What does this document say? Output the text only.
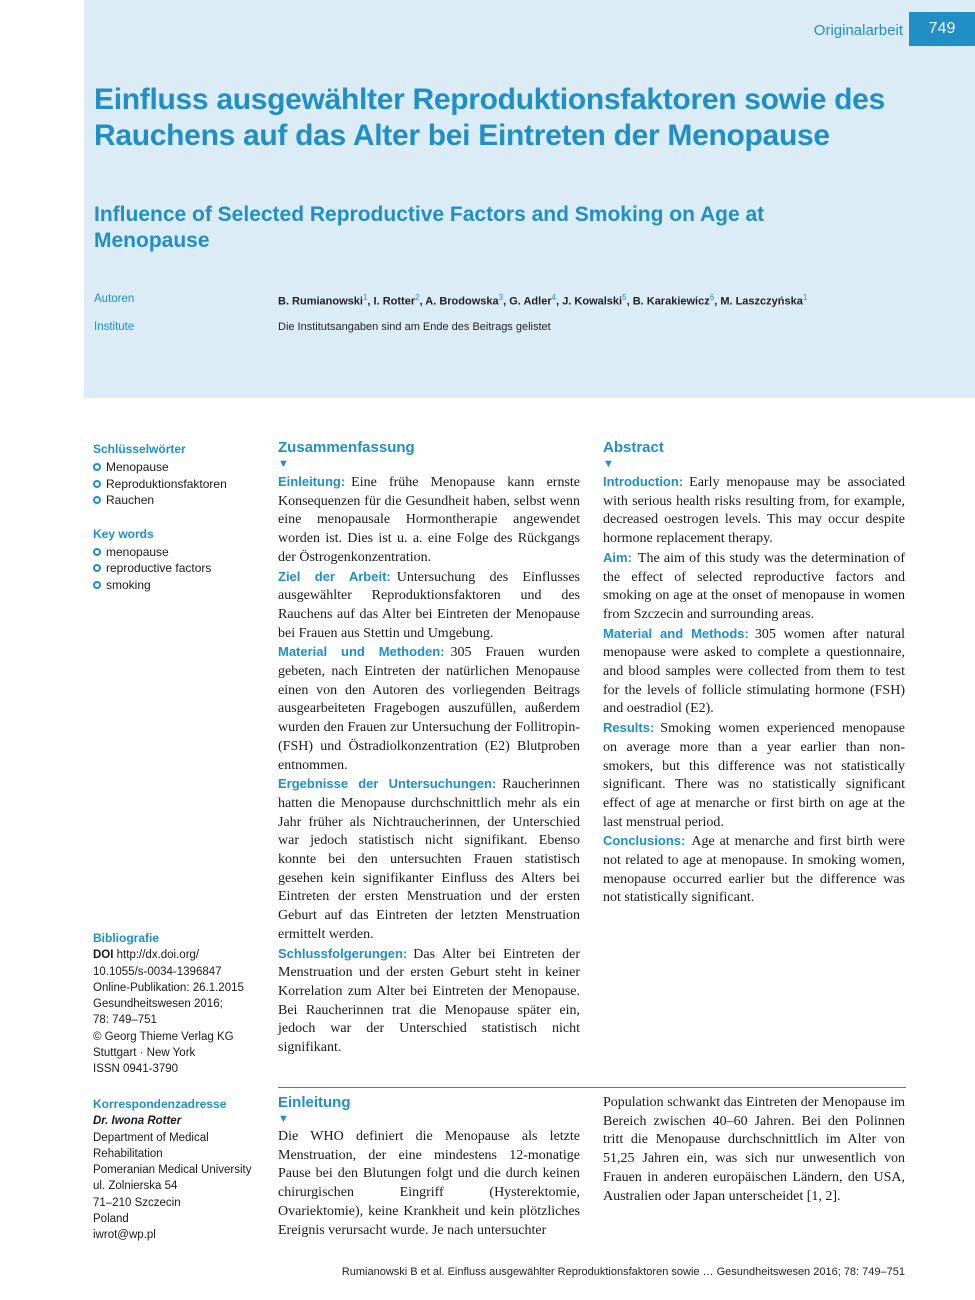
Originalarbeit	749
Einfluss ausgewählter Reproduktionsfaktoren sowie des Rauchens auf das Alter bei Eintreten der Menopause
Influence of Selected Reproductive Factors and Smoking on Age at Menopause
Autoren	B. Rumianowski$^1$, I. Rotter$^2$, A. Brodowska$^3$, G. Adler$^4$, J. Kowalski$^5$, B. Karakiewicz$^6$, M. Laszczyńska$^1$
Institute	Die Institutsangaben sind am Ende des Beitrags gelistet

Schlüsselwörter

Menopause
Reproduktionsfaktoren
Rauchen

Key words

menopause
reproductive factors
smoking

Bibliografie

DOI http://dx.doi.org/
10.1055/s-0034-1396847
Online-Publikation: 26.1.2015
Gesundheitswesen 2016;
78: 749–751
© Georg Thieme Verlag KG
Stuttgart · New York
ISSN 0941-3790

Korrespondenzadresse

Dr. Iwona Rotter
Department of Medical
Rehabilitation
Pomeranian Medical University
ul. Zolnierska 54
71–210 Szczecin
Poland
iwrot@wp.pl

Zusammenfassung

▼

Einleitung: Eine frühe Menopause kann ernste Konsequenzen für die Gesundheit haben, selbst wenn eine menopausale Hormontherapie angewendet worden ist. Dies ist u. a. eine Folge des Rückgangs der Östrogenkonzentration.

Ziel der Arbeit: Untersuchung des Einflusses ausgewählter Reproduktionsfaktoren und des Rauchens auf das Alter bei Eintreten der Menopause bei Frauen aus Stettin und Umgebung.

Material und Methoden: 305 Frauen wurden gebeten, nach Eintreten der natürlichen Menopause einen von den Autoren des vorliegenden Beitrags ausgearbeiteten Fragebogen auszufüllen, außerdem wurden den Frauen zur Untersuchung der Follitropin- (FSH) und Östradiolkonzentration (E2) Blutproben entnommen.

Ergebnisse der Untersuchungen: Raucherinnen hatten die Menopause durchschnittlich mehr als ein Jahr früher als Nichtraucherinnen, der Unterschied war jedoch statistisch nicht signifikant. Ebenso konnte bei den untersuchten Frauen statistisch gesehen kein signifikanter Einfluss des Alters bei Eintreten der ersten Menstruation und der ersten Geburt auf das Eintreten der letzten Menstruation ermittelt werden.

Schlussfolgerungen: Das Alter bei Eintreten der Menstruation und der ersten Geburt steht in keiner Korrelation zum Alter bei Eintreten der Menopause. Bei Raucherinnen trat die Menopause später ein, jedoch war der Unterschied statistisch nicht signifikant.

Abstract

▼

Introduction: Early menopause may be associated with serious health risks resulting from, for example, decreased oestrogen levels. This may occur despite hormone replacement therapy.

Aim: The aim of this study was the determination of the effect of selected reproductive factors and smoking on age at the onset of menopause in women from Szczecin and surrounding areas.

Material and Methods: 305 women after natural menopause were asked to complete a questionnaire, and blood samples were collected from them to test for the levels of follicle stimulating hormone (FSH) and oestradiol (E2).

Results: Smoking women experienced menopause on average more than a year earlier than non-smokers, but this difference was not statistically significant. There was no statistically significant effect of age at menarche or first birth on age at the last menstrual period.

Conclusions: Age at menarche and first birth were not related to age at menopause. In smoking women, menopause occurred earlier but the difference was not statistically significant.

Einleitung

▼

Die WHO definiert die Menopause als letzte Menstruation, der eine mindestens 12-monatige Pause bei den Blutungen folgt und die durch keinen chirurgischen Eingriff (Hysterektomie, Ovariektomie), keine Krankheit und kein plötzliches Ereignis verursacht wurde. Je nach untersuchter

Population schwankt das Eintreten der Menopause im Bereich zwischen 40–60 Jahren. Bei den Polinnen tritt die Menopause durchschnittlich im Alter von 51,25 Jahren ein, was sich nur unwesentlich von Frauen in anderen europäischen Ländern, den USA, Australien oder Japan unterscheidet [1, 2].

Rumianowski B et al. Einfluss ausgewählter Reproduktionsfaktoren sowie … Gesundheitswesen 2016; 78: 749–751
